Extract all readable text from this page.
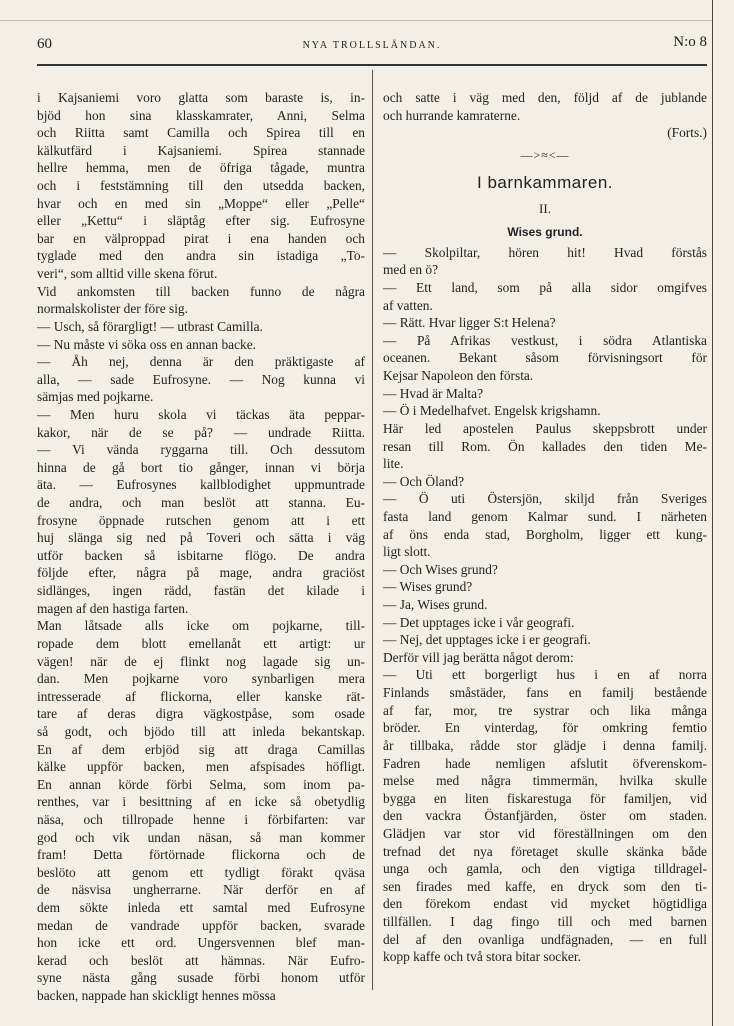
60	NYA TROLLSLÄNDAN.	N:o 8
i Kajsaniemi voro glatta som baraste is, in-
bjöd hon sina klasskamrater, Anni, Selma
och Riitta samt Camilla och Spirea till en
kälkutfärd i Kajsaniemi. Spirea stannade
hellre hemma, men de öfriga tågade, muntra
och i feststämning till den utsedda backen,
hvar och en med sin „Moppe“ eller „Pelle“
eller „Kettu“ i släptåg efter sig. Eufrosyne
bar en välproppad pirat i ena handen och
tyglade med den andra sin istadiga „To-
veri“, som alltid ville skena förut.
Vid ankomsten till backen funno de några
normalskolister der före sig.
— Usch, så förargligt! — utbrast Camilla.
— Nu måste vi söka oss en annan backe.
— Åh nej, denna är den präktigaste af
alla, — sade Eufrosyne. — Nog kunna vi
sämjas med pojkarne.
— Men huru skola vi täckas äta peppar-
kakor, när de se på? — undrade Riitta.
— Vi vända ryggarna till. Och dessutom
hinna de gå bort tio gånger, innan vi börja
äta. — Eufrosynes kallblodighet uppmuntrade
de andra, och man beslöt att stanna. Eu-
frosyne öppnade rutschen genom att i ett
huj slänga sig ned på Toveri och sätta i väg
utför backen så isbitarne flögo. De andra
följde efter, några på mage, andra graciöst
sidlänges, ingen rädd, fastän det kilade i
magen af den hastiga farten.
Man låtsade alls icke om pojkarne, till-
ropade dem blott emellanåt ett artigt: ur
vägen! när de ej flinkt nog lagade sig un-
dan. Men pojkarne voro synbarligen mera
intresserade af flickorna, eller kanske rät-
tare af deras digra vägkostpåse, som osade
så godt, och bjödo till att inleda bekantskap.
En af dem erbjöd sig att draga Camillas
kälke uppför backen, men afspisades höfligt.
En annan körde förbi Selma, som inom pa-
renthes, var i besittning af en icke så obetydlig
näsa, och tillropade henne i förbifarten: var
god och vik undan näsan, så man kommer
fram! Detta förtörnade flickorna och de
beslöto att genom ett tydligt förakt qväsa
de näsvisa ungherrarne. När derför en af
dem sökte inleda ett samtal med Eufrosyne
medan de vandrade uppför backen, svarade
hon icke ett ord. Ungersvennen blef man-
kerad och beslöt att hämnas. När Eufro-
syne nästa gång susade förbi honom utför
backen, nappade han skickligt hennes mössa
och satte i väg med den, följd af de jublande
och hurrande kamraterne.
(Forts.)
—>≈<—
I barnkammaren.
II.
Wises grund.
— Skolpiltar, hören hit! Hvad förstås
med en ö?
— Ett land, som på alla sidor omgifves
af vatten.
— Rätt. Hvar ligger S:t Helena?
— På Afrikas vestkust, i södra Atlantiska
oceanen. Bekant såsom förvisningsort för
Kejsar Napoleon den första.
— Hvad är Malta?
— Ö i Medelhafvet. Engelsk krigshamn.
Här led apostelen Paulus skeppsbrott under
resan till Rom. Ön kallades den tiden Me-
lite.
— Och Öland?
— Ö uti Östersjön, skiljd från Sveriges
fasta land genom Kalmar sund. I närheten
af öns enda stad, Borgholm, ligger ett kung-
ligt slott.
— Och Wises grund?
— Wises grund?
— Ja, Wises grund.
— Det upptages icke i vår geografi.
— Nej, det upptages icke i er geografi.
Derför vill jag berätta något derom:
— Uti ett borgerligt hus i en af norra
Finlands småstäder, fans en familj bestående
af far, mor, tre systrar och lika många
bröder. En vinterdag, för omkring femtio
år tillbaka, rådde stor glädje i denna familj.
Fadren hade nemligen afslutit öfverenskom-
melse med några timmermän, hvilka skulle
bygga en liten fiskarestuga för familjen, vid
den vackra Östanfjärden, öster om staden.
Glädjen var stor vid föreställningen om den
trefnad det nya företaget skulle skänka både
unga och gamla, och den vigtiga tilldragel-
sen firades med kaffe, en dryck som den ti-
den förekom endast vid mycket högtidliga
tillfällen. I dag fingo till och med barnen
del af den ovanliga undfägnaden, — en full
kopp kaffe och två stora bitar socker.
